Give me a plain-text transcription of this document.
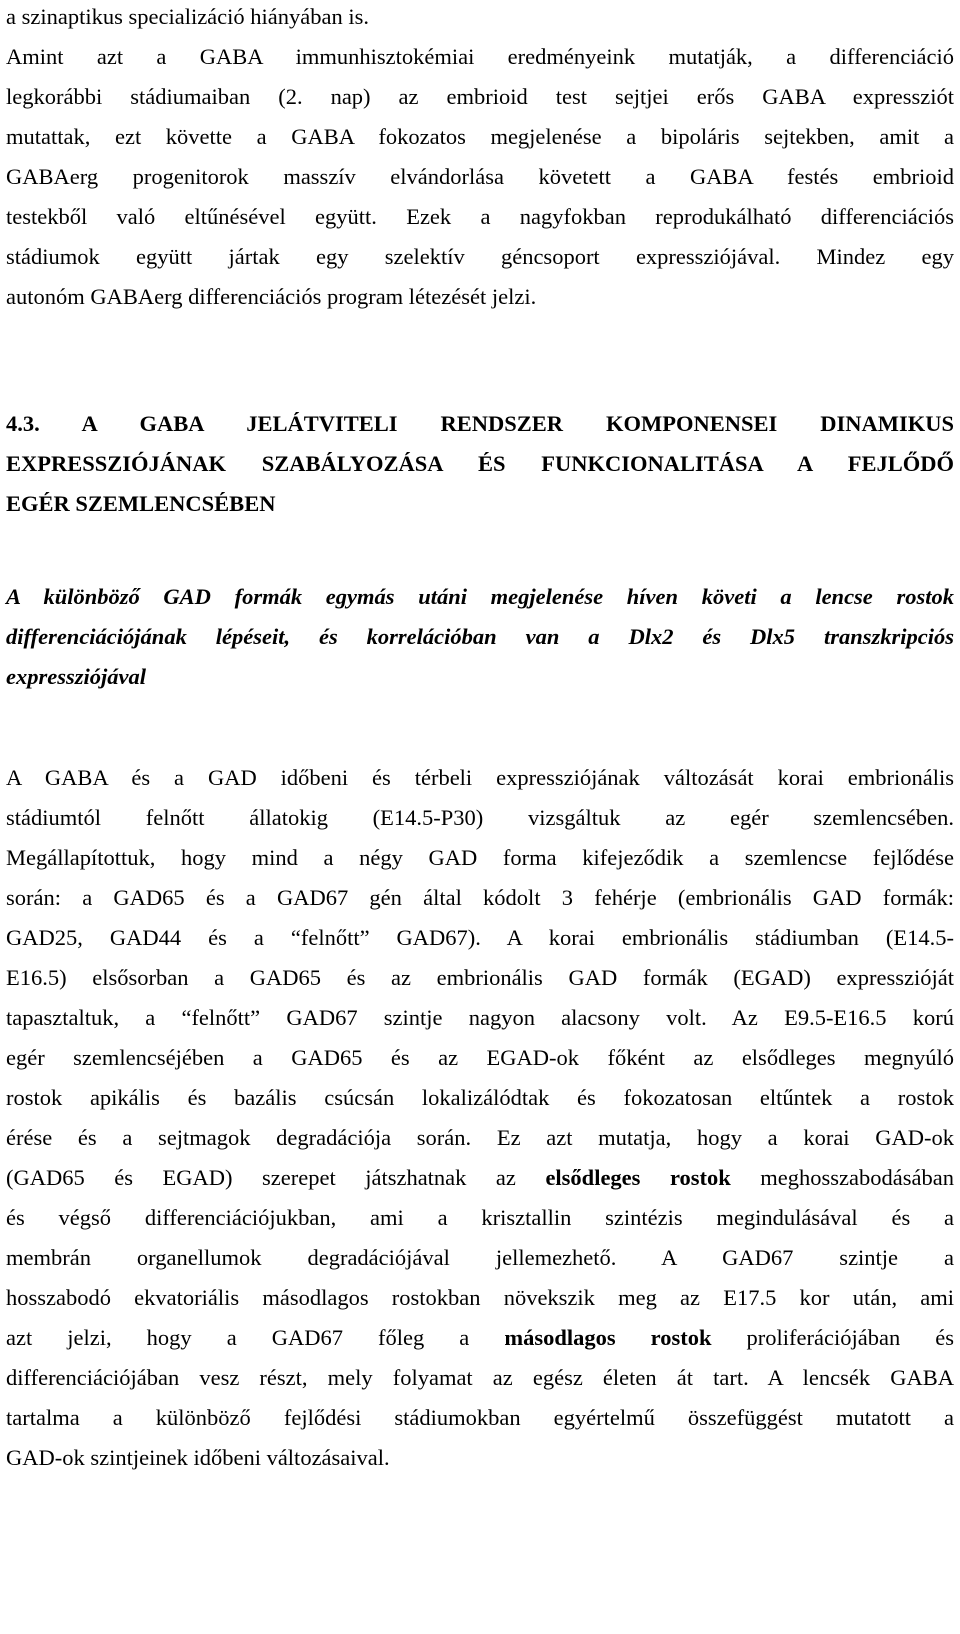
a szinaptikus specializáció hiányában is.
Amint azt a GABA immunhisztokémiai eredményeink mutatják, a differenciáció
legkorábbi stádiumaiban (2. nap) az embrioid test sejtjei erős GABA expressziót
mutattak, ezt követte a GABA fokozatos megjelenése a bipoláris sejtekben, amit a
GABAerg progenitorok masszív elvándorlása követett a GABA festés embrioid
testekből való eltűnésével együtt. Ezek a nagyfokban reprodukálható differenciációs
stádiumok együtt jártak egy szelektív géncsoport expressziójával. Mindez egy
autonóm GABAerg differenciációs program létezését jelzi.
4.3. A GABA JELÁTVITELI RENDSZER KOMPONENSEI DINAMIKUS
EXPRESSZIÓJÁNAK SZABÁLYOZÁSA ÉS FUNKCIONALITÁSA A FEJLŐDŐ
EGÉR SZEMLENCSÉBEN
A különböző GAD formák egymás utáni megjelenése híven követi a lencse rostok
differenciációjának lépéseit, és korrelációban van a Dlx2 és Dlx5 transzkripciós
expressziójával
A GABA és a GAD időbeni és térbeli expressziójának változását korai embrionális
stádiumtól felnőtt állatokig (E14.5-P30) vizsgáltuk az egér szemlencsében.
Megállapítottuk, hogy mind a négy GAD forma kifejeződik a szemlencse fejlődése
során: a GAD65 és a GAD67 gén által kódolt 3 fehérje (embrionális GAD formák:
GAD25, GAD44 és a “felnőtt” GAD67). A korai embrionális stádiumban (E14.5-
E16.5) elsősorban a GAD65 és az embrionális GAD formák (EGAD) expresszióját
tapasztaltuk, a “felnőtt” GAD67 szintje nagyon alacsony volt. Az E9.5-E16.5 korú
egér szemlencséjében a GAD65 és az EGAD-ok főként az elsődleges megnyúló
rostok apikális és bazális csúcsán lokalizálódtak és fokozatosan eltűntek a rostok
érése és a sejtmagok degradációja során. Ez azt mutatja, hogy a korai GAD-ok
(GAD65 és EGAD) szerepet játszhatnak az elsődleges rostok meghosszabodásában
és végső differenciációjukban, ami a krisztallin szintézis megindulásával és a
membrán organellumok degradációjával jellemezhető. A GAD67 szintje a
hosszabodó ekvatoriális másodlagos rostokban növekszik meg az E17.5 kor után, ami
azt jelzi, hogy a GAD67 főleg a másodlagos rostok proliferációjában és
differenciációjában vesz részt, mely folyamat az egész életen át tart. A lencsék GABA
tartalma a különböző fejlődési stádiumokban egyértelmű összefüggést mutatott a
GAD-ok szintjeinek időbeni változásaival.
